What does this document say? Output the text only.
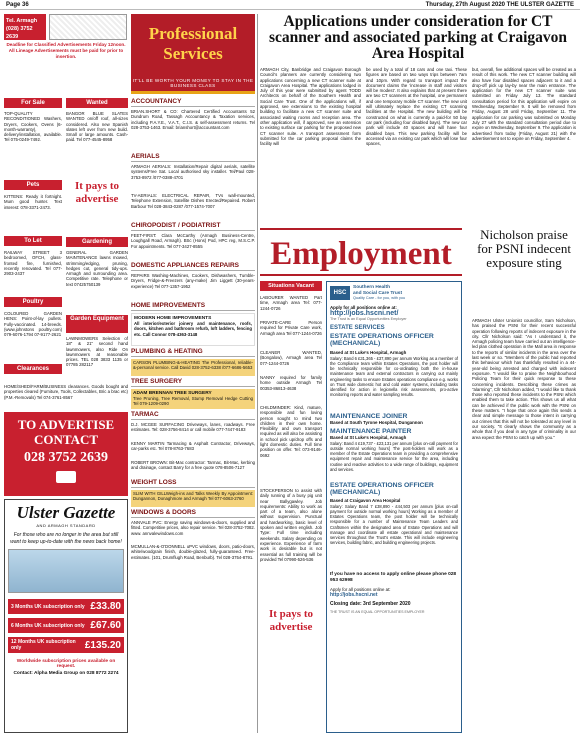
Page 36	Thursday, 27th August 2020 THE ULSTER GAZETTE
Tel. Armagh
(028) 3752 2639
Deadline for Classified Advertisements Friday 12noon.
All Lineage Advertisements must be paid for prior to insertion.
For Sale
TOP-QUALITY RECONDITIONED Washers, Dryers, Cookers, Ovens (6-month-warranty), delivery/installation, available. Tel 075-0249-7492.
Pets
KITTENS: Ready it fortnight. Mum good hunter. Text interest: 078-3371-2473.
To Let
RAILWAY STREET 3 bedroomed, OFCH, glass-fronted fire, furnished, recently renovated. Tel 077-2903-2437
Poultry
COLOURED GARDEN HENS: Point-of-lay pullets. Fully-vaccinated. 14-breeds. (www.johnstons poultry.com) 079-6076-1794 07-9177-2621
Wanted
BANGOR BLUE SLATES WANTED on/off roof, all-sizes considered. Also new Spanish slates left over from new build. Small or large amounts. Cash-paid. Tel 077-4545-8958
It pays to
advertise
Gardening
GENERAL GARDEN MAINTENANCE lawns mowed, strimming/edging, pruning, hedges cut, general tidy-ups. Armagh and surrounding area. Competitive rate. Telephone or text 07425750139
Garden Equipment
LAWNMOWERS Selection of 18" & 21" second hand lawnmowers, also Ride On lawnmowers at reasonable prices. TEL 028 3833 1135 or 07785 282117
Clearances
HOME/SHED/FARM/BUSINESS clearances. Goods bought and properties cleared (Furniture, Tools, Collectables, Bric a brac etc) (P.M.-Removals) Tel 074-3761-8567
TO ADVERTISE
CONTACT
028 3752 2639
Ulster Gazette
AND ARMAGH STANDARD
For those who are no longer in the area but still want to keep up-to-date with the news back home!
3 Months UK subscription only £33.80
6 Months UK subscription only £67.60
12 Months UK subscription only	£135.20
Worldwide subscription prices available on request.
Contact: Alpha Media Group on 028 8772 2274
Professional Services
IT'LL BE WORTH YOUR MONEY TO STAY IN THE BUSINESS CLASS
ACCOUNTANCY
BRIAN.SHORT & CO: Chartered Certified Accountants 52 Dundrum Road, Tassagh Accountancy & Taxation services, including P.A.Y.E., V.A.T., C.I.S. & self-assessment returns. Tel 028-3753-1463. Email: brianshort@accountant.com
AERIALS
ARMAGH AERIALS: Installation/Repair digital aerials, satellite systems/Free Sat. Local authorised sky installer. Tel/Paul 028-3753-8972 /077-0388-4701
TV-AERIALS: ELECTRICAL REPAIR, TVs wall-mounted, Telephone Extension, Satellite Dishes Erected/Repaired. Robert Barbour Tel 028-3843-0287 /077-1574-7007
CHIROPODIST / PODIATRIST
FEET-FIRST: Clara McCarthy (Armagh Business-Centre, Loughgall Road, Armagh). BSc (Hons) Pod, HPC reg, M.S.C.P. For appointments. Tel 077-3427-8555
DOMESTIC APPLIANCES REPAIRS
REPAIRS Washing-Machines, Cookers, Dishwashers, Tumble-Dryers, Fridge-&-Freezers (any-make) Jim Liggett (30-years-experience) Tel 077-1357-1952
HOME IMPROVEMENTS
MODERN HOME IMPROVEMENTS
All interior/exterior joinery and maintenance, roofs, doors, kitchen and bathroom refurb, loft ladders, fencing etc. Call Connor 078-4363-3148
PLUMBING & HEATING
CARSON PLUMBING-&-HEATING The Professional, reliable-&-personal service. Call David 028-3752-6338 /077-6686-5653
TREE SURGERY
ADAM BRENNAN TREE SURGERY
Tree Pruning, Tree Removal, Stump Removal Hedge Cutting Tel 079-1209-0290
TARMAC
D.J. MCGEE SURFACING Driveways, lanes, roadways. Free estimates. Tel: 028-3756-8414 or call mobile 077-7447-9183
KENNY MARTIN Tarmacing & Asphalt Contractor, Driveways, car-parks etc. Tel 078-8763-7683
ROBERT BROWN: Bit-Mac contractor: Tarmac, Bit-Mac, kerbing and drainage, contact Barry for a free quote 078-8506-7127
WEIGHT LOSS
SLIM WITH GILLWeigh-ins and Talks Weekly By Appointment: Dungannon, Donaghmore and Armagh Tel 077-6063-2760
WINDOWS & DOORS
ANNVALE PVC: Energy saving windows-&-doors, supplied and fitted. Competitive prices, also repair service. Tel 028-3752-7082. www. annvalewindows.com
MCMULLAN-&-O'DONNELL uPVC windows, doors, patio-doors, white/woodgrain finish, double-glazed, fully-guaranteed. Free-estimates. (101, Drumflugh Road, Benburb). Tel 028-3754-8791.
Applications under consideration for CT scanner and associated parking at Craigavon Area Hospital
ARMAGH City, Banbridge and Craigavon Borough Council's planners are currently considering two applications concerning a new CT scanner suite at Craigavon Area Hospital. The applications lodged in July of this year were submitted by agent TODD Architects on behalf of the Southern Health and Social Care Trust. One of the applications will, if approved, see extensions to the existing hospital building to facilitate a new CT scanner suite and associated waiting rooms and reception area. The other application will, if approved, see an extension to existing surface car parking for the proposed new CT scanner suite. A transport assessment form submitted for the car parking proposal claims the facility will
be used by a total of 18 cars and one taxi. These figures are based on two ways trips between 7am and 10pm. With regard to transport impact the document claims the 'increase in staff and visitors will be modest'. It also explains that at present there are two CT scanners at the hospital, one permanent and one temporary mobile CT scanner. The new unit will ultimately replace the existing CT scanning facilities at the Hospital. The new building will be constructed on what is currently a paid-for 50 bay car park (including four disabled bays). The new car park will include 40 spaces and will have four disabled bays. This new parking facility will be accessed via an existing car park which will lose four spaces,
but, overall, five additional spaces will be created as a result of this work. The new CT scanner building will also have four disabled spaces adjacent to it and a drop-off pick up lay-by near the main entrance. The application for the new CT scanner suite was submitted on Friday July 13. The standard consultation period for this application will expire on Wednesday, September 9. It will be removed from Friday, August 28 until Friday, September 11. The application for car parking was submitted on Monday July 27 with the standard consultation period due to expire on Wednesday, September 9. The application is advertised from today (Friday, August 21) with the advertisement set to expire on Friday, September 4.
Employment
Situations Vacant
LABOURER WANTED Part time, Armagh area Tel: 077-1244-0726
PRIVATE-CARE Person required for Private Care work, Armagh area Tel 077-1244-0726
CLEANER WANTED, (Bongalow), Armagh area Tel 077-1244-0726
NANNY required for family home outside Armagh Tel 00353-86813-4638
CHILDMINDER: Kind, mature, responsible and fun loving person sought to mind two children in their own home. Flexibility and own transport required as will also be assisting in school pick up/drop offs and light domestic duties. Full time position on offer. Tel: 073-9146-0692
STOCKPERSON to assist with daily running of a busy pig unit near Ballygawley. Job requirements: Ability to work as part of a team, also alone without supervision. Punctual and hardworking, basic level of spoken and written english. Job Type: Full time including weekends. Salary depending on experience. Experience of farm work is desirable but is not essential as full training will be provided Tel 07990-526-536
It pays to
advertise
HSC
Southern Health
and Social Care Trust
Quality Care - for you, with you
Apply for all positions online at:
http://jobs.hscni.net/
The Trust is an Equal Opportunities Employer
ESTATE SERVICES
ESTATE OPERATIONS OFFICER (MECHANICAL)
Based at St Luke's Hospital, Armagh
Salary: Band 6 £31,365 - £37,890 per annum Working as a member of the Compliance team within Estates Operations, the post holder will be technically responsible for co-ordinating both the in-house maintenance team and external contractors in carrying out mainly engineering tasks to ensure Estates operations compliance e.g. works on Trust wide domestic hot and cold water systems, including tasks identified for action in legionella risk assessments, pro-active monitoring reports and water sampling results.
MAINTENANCE JOINER
Based at South Tyrone Hospital, Dungannon
MAINTENANCE PAINTER
Based at St Luke's Hospital, Armagh
Salary: Band 4 £19,737 - £23,131 per annum [plus on-call payment for outside normal working hours] The post-holders will work as a member of the Estate Operations team in providing a comprehensive equipment repair and maintenance service for the area, including routine and reactive activities to a wide range of buildings, equipment and services.
ESTATE OPERATIONS OFFICER (MECHANICAL)
Based at Craigavon Area Hospital
Salary: Salary Band 7 £38,890 - £44,503 per annum [plus on-call payment for outside normal working hours] Working as a member of Estates Operations team, the post holder will be technically responsible for a number of Maintenance Team Leaders and Craftsmen within the designated area of Estate Operations and will manage and coordinate all estate operational and maintenance services throughout the Trust's estate. This will include engineering services, building fabric, and building engineering projects.
If you have no access to apply online please phone 028 953 62998
Apply for all positions online at:
http://jobs.hscni.net
Closing date: 3rd September 2020
THE TRUST IS AN EQUAL OPPORTUNITIES EMPLOYER
Nicholson praise for PSNI indecent exposure sting
ARMAGH Ulster Unionist councillor, Sam Nicholson, has praised the PSNI for their recent successful operation following reports of indecent exposure in the city. Cllr Nicholson said: "As I understand it, the Armagh policing team have carried out an intelligence-led plan clothed operation in the Mall area in response to the reports of similar incidents in the area over the last week or so. "Members of the public had reported this behaviour which has thankfully resulted in a 44-year-old being arrested and charged with indecent exposure. "I would like to praise the Neighbourhood Policing Team for their quick response to these concerning incidents. Describing these crimes as "alarming", Cllr Nicholson added, "I would like to thank those who reported these incidents to the PSNI which enabled them to take action. This shows us all what can be achieved if the public work with the PSNI on these matters. "I hope that once again this sends a clear and simple message to those intent in carrying out crimes that this will not be tolerated at any level in our society. "It clearly shows the community as a whole that if you deal in any type of criminality in our area expect the PSNI to catch up with you."
